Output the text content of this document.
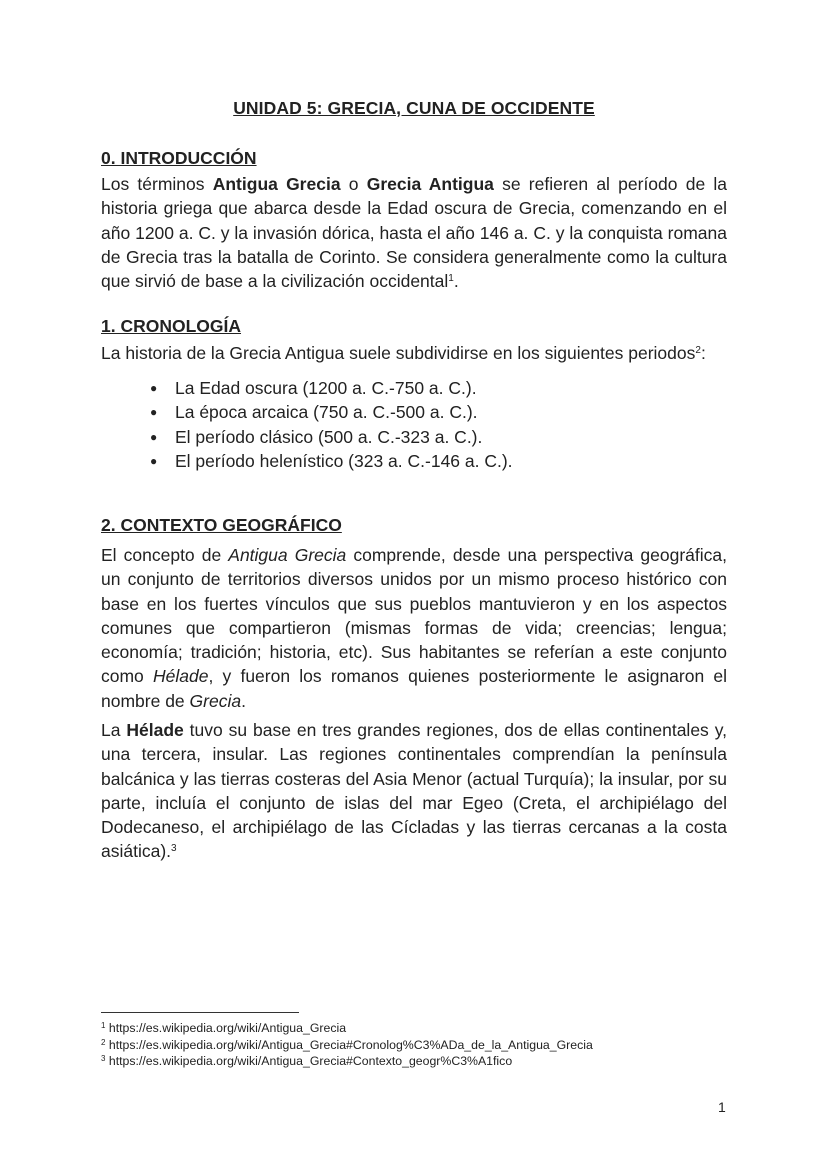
UNIDAD 5: GRECIA, CUNA DE OCCIDENTE
0. INTRODUCCIÓN
Los términos Antigua Grecia o Grecia Antigua se refieren al período de la historia griega que abarca desde la Edad oscura de Grecia, comenzando en el año 1200 a. C. y la invasión dórica, hasta el año 146 a. C. y la conquista romana de Grecia tras la batalla de Corinto. Se considera generalmente como la cultura que sirvió de base a la civilización occidental$^1$.
1. CRONOLOGÍA
La historia de la Grecia Antigua suele subdividirse en los siguientes periodos$^2$:
● La Edad oscura (1200 a. C.-750 a. C.).
● La época arcaica (750 a. C.-500 a. C.).
● El período clásico (500 a. C.-323 a. C.).
● El período helenístico (323 a. C.-146 a. C.).
2. CONTEXTO GEOGRÁFICO
El concepto de Antigua Grecia comprende, desde una perspectiva geográfica, un conjunto de territorios diversos unidos por un mismo proceso histórico con base en los fuertes vínculos que sus pueblos mantuvieron y en los aspectos comunes que compartieron (mismas formas de vida; creencias; lengua; economía; tradición; historia, etc). Sus habitantes se referían a este conjunto como Hélade, y fueron los romanos quienes posteriormente le asignaron el nombre de Grecia.
La Hélade tuvo su base en tres grandes regiones, dos de ellas continentales y, una tercera, insular. Las regiones continentales comprendían la península balcánica y las tierras costeras del Asia Menor (actual Turquía); la insular, por su parte, incluía el conjunto de islas del mar Egeo (Creta, el archipiélago del Dodecaneso, el archipiélago de las Cícladas y las tierras cercanas a la costa asiática).$^3$
$^1$ https://es.wikipedia.org/wiki/Antigua_Grecia
$^2$ https://es.wikipedia.org/wiki/Antigua_Grecia#Cronolog%C3%ADa_de_la_Antigua_Grecia
$^3$ https://es.wikipedia.org/wiki/Antigua_Grecia#Contexto_geogr%C3%A1fico
1
